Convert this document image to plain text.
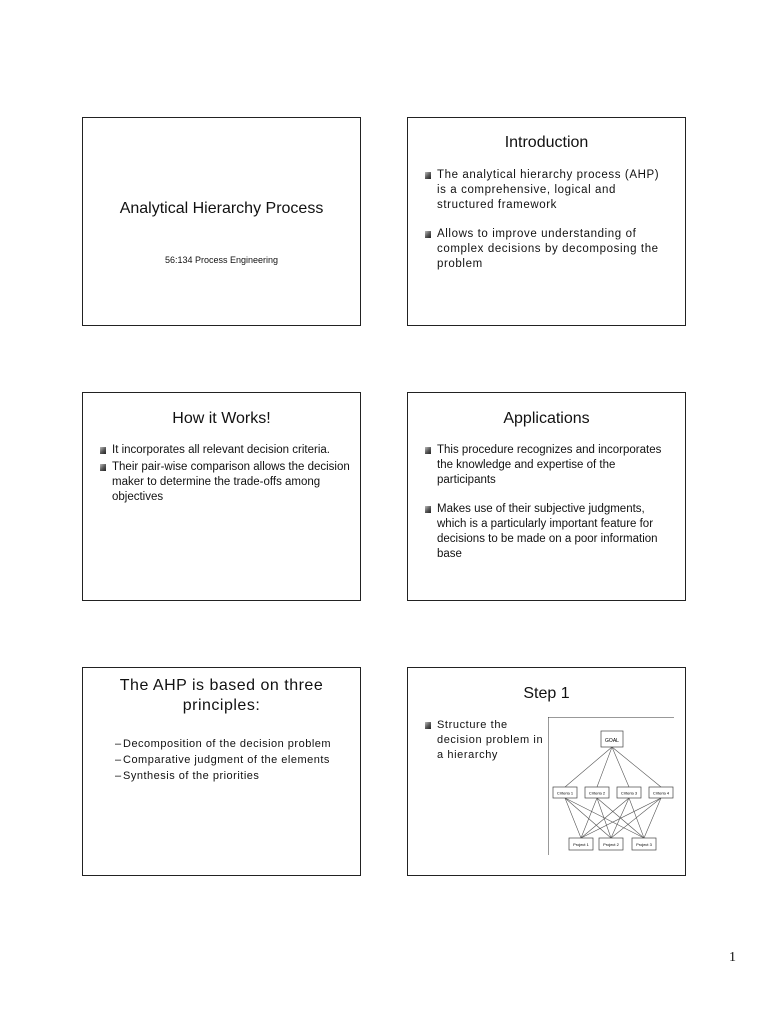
Analytical Hierarchy Process
56:134 Process Engineering
Introduction
The analytical hierarchy process (AHP) is a comprehensive, logical and structured framework
Allows to improve understanding of complex decisions by decomposing the problem
How it Works!
It incorporates all relevant decision criteria.
Their pair-wise comparison allows the decision maker to determine the trade-offs among objectives
Applications
This procedure recognizes and incorporates the knowledge and expertise of the participants
Makes use of their subjective judgments, which is a particularly important feature for decisions to be made on a poor information base
The AHP is based on three principles:
–Decomposition of the decision problem
–Comparative judgment of the elements
–Synthesis of the priorities
Step 1
Structure the decision problem in a hierarchy
GOAL
Criteria 1	Criteria 2	Criteria 3	Criteria 4
Project 1	Project 2	Project 3
1
